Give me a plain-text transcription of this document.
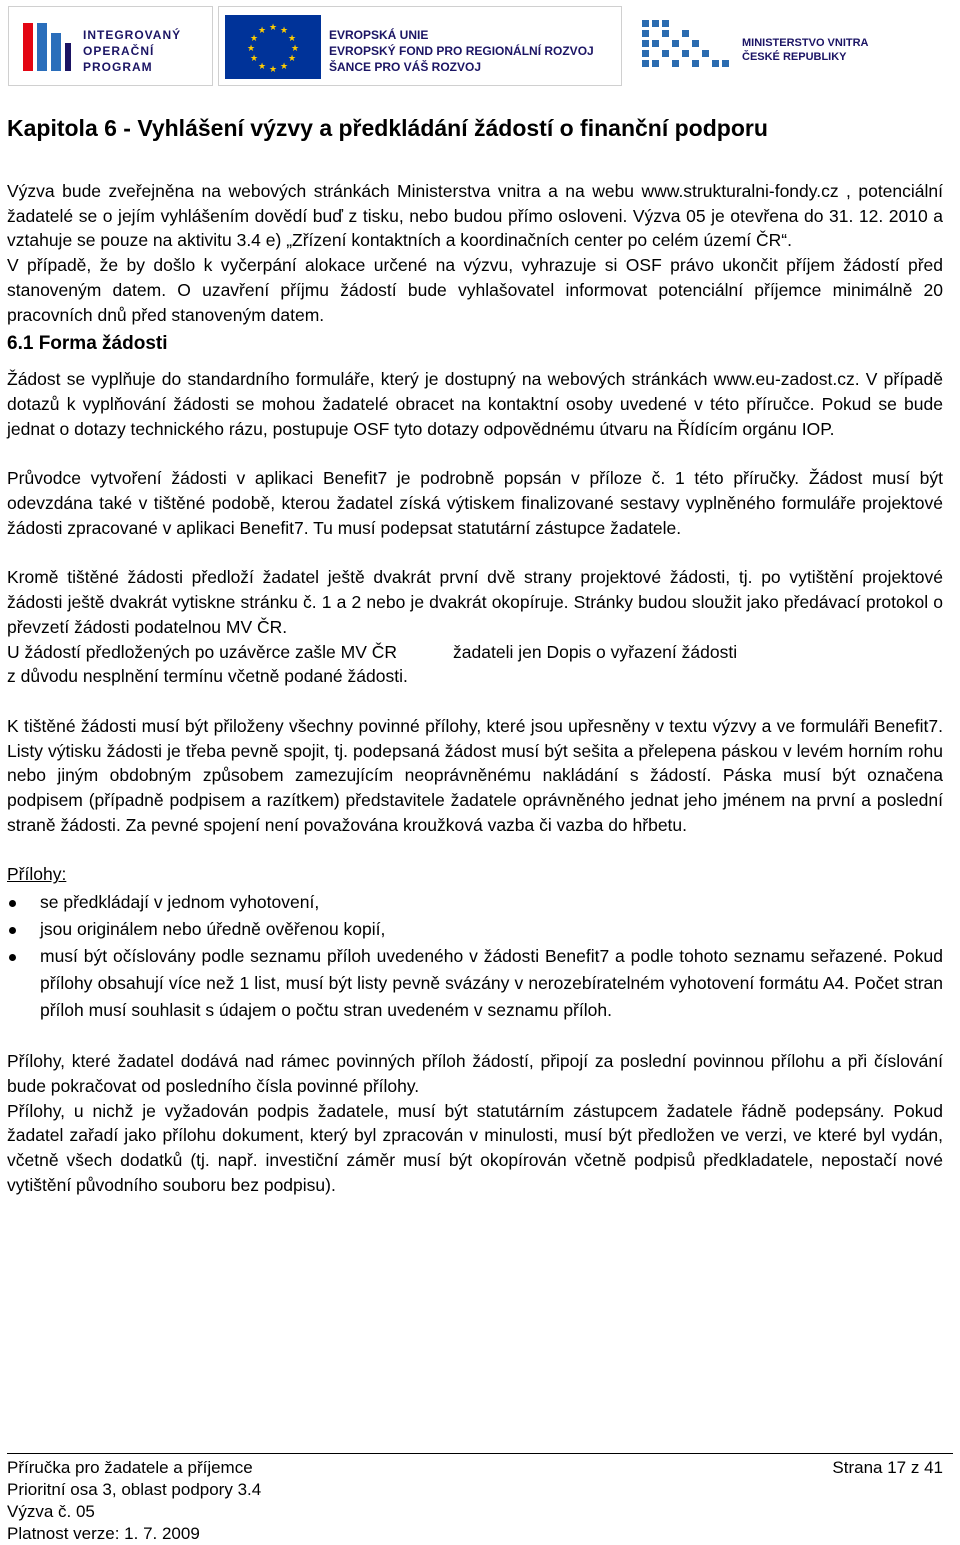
INTEGROVANÝ
OPERAČNÍ
PROGRAM
★ ★
★
★
★
★
★
★
★
★
★
★	EVROPSKÁ UNIE
EVROPSKÝ FOND PRO REGIONÁLNÍ ROZVOJ
ŠANCE PRO VÁŠ ROZVOJ
MINISTERSTVO VNITRA
ČESKÉ REPUBLIKY
Kapitola 6 - Vyhlášení výzvy a předkládání žádostí o finanční podporu

Výzva bude zveřejněna na webových stránkách Ministerstva vnitra a na webu www.strukturalni-fondy.cz , potenciální žadatelé se o jejím vyhlášením dovědí buď z tisku, nebo budou přímo osloveni. Výzva 05 je otevřena do 31. 12. 2010 a vztahuje se pouze na aktivitu 3.4 e) „Zřízení kontaktních a koordinačních center po celém území ČR“.

V případě, že by došlo k vyčerpání alokace určené na výzvu, vyhrazuje si OSF právo ukončit příjem žádostí před stanoveným datem. O uzavření příjmu žádostí bude vyhlašovatel informovat potenciální příjemce minimálně 20 pracovních dnů před stanoveným datem.

6.1 Forma žádosti

Žádost se vyplňuje do standardního formuláře, který je dostupný na webových stránkách www.eu-zadost.cz. V případě dotazů k vyplňování žádosti se mohou žadatelé obracet na kontaktní osoby uvedené v této příručce. Pokud se bude jednat o dotazy technického rázu, postupuje OSF tyto dotazy odpovědnému útvaru na Řídícím orgánu IOP.

Průvodce vytvoření žádosti v aplikaci Benefit7 je podrobně popsán v příloze č. 1 této příručky. Žádost musí být odevzdána také v tištěné podobě, kterou žadatel získá výtiskem finalizované sestavy vyplněného formuláře projektové žádosti zpracované v aplikaci Benefit7. Tu musí podepsat statutární zástupce žadatele.

Kromě tištěné žádosti předloží žadatel ještě dvakrát první dvě strany projektové žádosti, tj. po vytištění projektové žádosti ještě dvakrát vytiskne stránku č. 1 a 2 nebo je dvakrát okopíruje. Stránky budou sloužit jako předávací protokol o převzetí žádosti podatelnou MV ČR.

U žádostí předložených po uzávěrce zašle MV ČR	žadateli jen Dopis o vyřazení žádosti
z důvodu nesplnění termínu včetně podané žádosti.

K tištěné žádosti musí být přiloženy všechny povinné přílohy, které jsou upřesněny v textu výzvy a ve formuláři Benefit7. Listy výtisku žádosti je třeba pevně spojit, tj. podepsaná žádost musí být sešita a přelepena páskou v levém horním rohu nebo jiným obdobným způsobem zamezujícím neoprávněnému nakládání s žádostí. Páska musí být označena podpisem (případně podpisem a razítkem) představitele žadatele oprávněného jednat jeho jménem na první a poslední straně žádosti. Za pevné spojení není považována kroužková vazba či vazba do hřbetu.

Přílohy:

se předkládají v jednom vyhotovení,
jsou originálem nebo úředně ověřenou kopií,
musí být očíslovány podle seznamu příloh uvedeného v žádosti Benefit7 a podle tohoto seznamu seřazené. Pokud přílohy obsahují více než 1 list, musí být listy pevně svázány v nerozebíratelném vyhotovení formátu A4. Počet stran příloh musí souhlasit s údajem o počtu stran uvedeném v seznamu příloh.

Přílohy, které žadatel dodává nad rámec povinných příloh žádostí, připojí za poslední povinnou přílohu a při číslování bude pokračovat od posledního čísla povinné přílohy.

Přílohy, u nichž je vyžadován podpis žadatele, musí být statutárním zástupcem žadatele řádně podepsány. Pokud žadatel zařadí jako přílohu dokument, který byl zpracován v minulosti, musí být předložen ve verzi, ve které byl vydán, včetně všech dodatků (tj. např. investiční záměr musí být okopírován včetně podpisů předkladatele, nepostačí nové vytištění původního souboru bez podpisu).

Příručka pro žadatele a příjemce	Strana 17 z 41
Prioritní osa 3, oblast podpory 3.4
Výzva č. 05
Platnost verze: 1. 7. 2009
